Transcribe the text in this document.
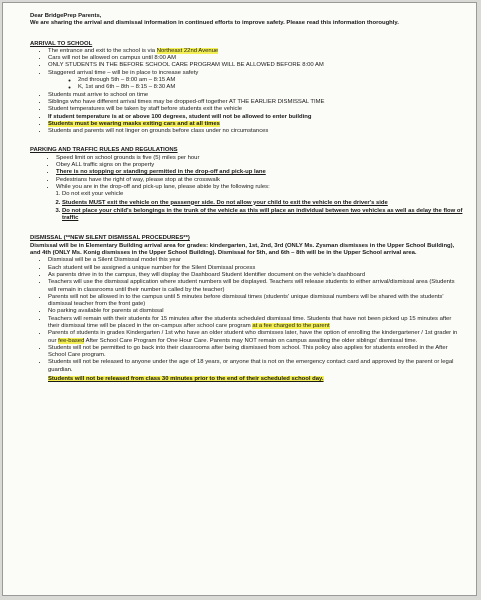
Dear BridgePrep Parents,
We are sharing the arrival and dismissal information in continued efforts to improve safety. Please read this information thoroughly.
ARRIVAL TO SCHOOL
• The entrance and exit to the school is via Northeast 22nd Avenue
• Cars will not be allowed on campus until 8:00 AM
• ONLY STUDENTS IN THE BEFORE SCHOOL CARE PROGRAM WILL BE ALLOWED BEFORE 8:00 AM
• Staggered arrival time – will be in place to increase safety
◦ 2nd through 5th – 8:00 am – 8:15 AM
◦ K, 1st and 6th – 8th – 8:15 – 8:30 AM
• Students must arrive to school on time
• Siblings who have different arrival times may be dropped-off together AT THE EARLIER DISMISSAL TIME
• Student temperatures will be taken by staff before students exit the vehicle
• If student temperature is at or above 100 degrees, student will not be allowed to enter building
• Students must be wearing masks exiting cars and at all times
• Students and parents will not linger on grounds before class under no circumstances
PARKING AND TRAFFIC RULES AND REGULATIONS
• Speed limit on school grounds is five (5) miles per hour
• Obey ALL traffic signs on the property
• There is no stopping or standing permitted in the drop-off and pick-up lane
• Pedestrians have the right of way, please stop at the crosswalk
• While you are in the drop-off and pick-up lane, please abide by the following rules:
1. Do not exit your vehicle
2. Students MUST exit the vehicle on the passenger side. Do not allow your child to exit the vehicle on the driver's side
3. Do not place your child's belongings in the trunk of the vehicle as this will place an individual between two vehicles as well as delay the flow of traffic
DISMISSAL (**NEW SILENT DISMISSAL PROCEDURES**)
Dismissal will be in Elementary Building arrival area for grades: kindergarten, 1st, 2nd, 3rd (ONLY Ms. Zysman dismisses in the Upper School Building), and 4th (ONLY Ms. Konig dismisses in the Upper School Building). Dismissal for 5th, and 6th – 8th will be in the Upper School arrival area.
• Dismissal will be a Silent Dismissal model this year
• Each student will be assigned a unique number for the Silent Dismissal process
• As parents drive in to the campus, they will display the Dashboard Student Identifier document on the vehicle's dashboard
• Teachers will use the dismissal application where student numbers will be displayed. Teachers will release students to either arrival/dismissal area (Students will remain in classrooms until their number is called by the teacher)
• Parents will not be allowed in to the campus until 5 minutes before dismissal times (students' unique dismissal numbers will be shared with the students' dismissal teacher from the front gate)
• No parking available for parents at dismissal
• Teachers will remain with their students for 15 minutes after the students scheduled dismissal time. Students that have not been picked up 15 minutes after their dismissal time will be placed in the on-campus after school care program at a fee charged to the parent
• Parents of students in grades Kindergarten / 1st who have an older student who dismisses later, have the option of enrolling the kindergartener / 1st grader in our fee-based After School Care Program for One Hour Care. Parents may NOT remain on campus awaiting the older siblings' dismissal time.
• Students will not be permitted to go back into their classrooms after being dismissed from school. This policy also applies for students enrolled in the After School Care program.
• Students will not be released to anyone under the age of 18 years, or anyone that is not on the emergency contact card and approved by the parent or legal guardian.
Students will not be released from class 30 minutes prior to the end of their scheduled school day.
